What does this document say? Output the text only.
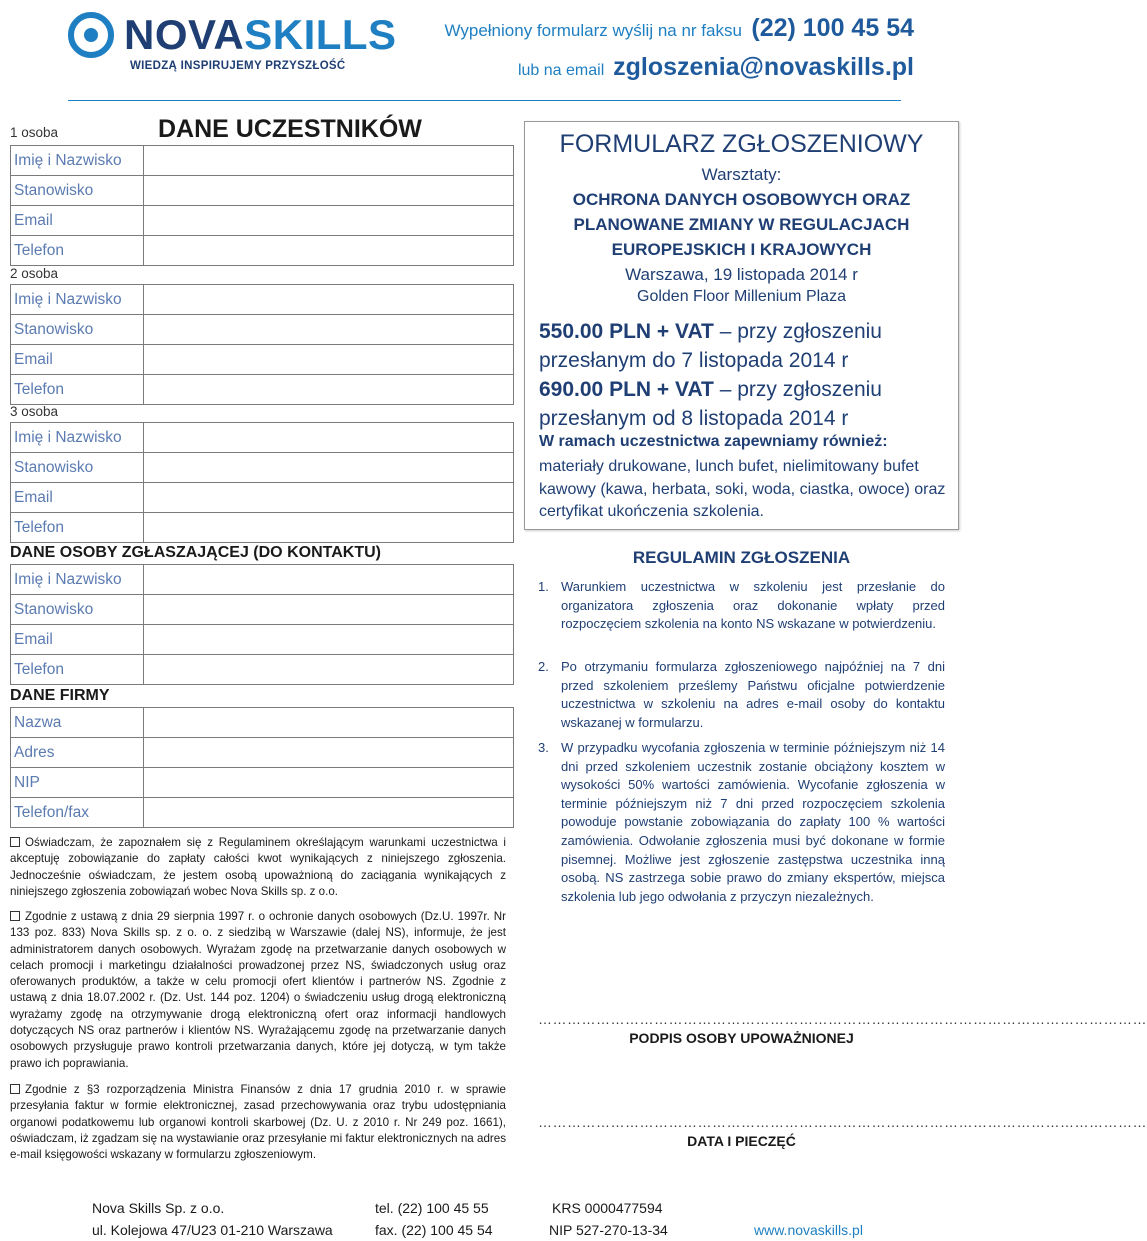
NOVASKILLS
WIEDZĄ INSPIRUJEMY PRZYSZŁOŚĆ
Wypełniony formularz wyślij na nr faksu (22) 100 45 54
lub na email zgloszenia@novaskills.pl
DANE UCZESTNIKÓW
1 osoba
Imię i Nazwisko	
Stanowisko	
Email	
Telefon	
2 osoba
Imię i Nazwisko	
Stanowisko	
Email	
Telefon	
3 osoba
Imię i Nazwisko	
Stanowisko	
Email	
Telefon	
DANE OSOBY ZGŁASZAJĄCEJ (DO KONTAKTU)
Imię i Nazwisko	
Stanowisko	
Email	
Telefon	
DANE FIRMY
Nazwa	
Adres	
NIP	
Telefon/fax	
Oświadczam, że zapoznałem się z Regulaminem określającym warunkami uczestnictwa i akceptuję zobowiązanie do zapłaty całości kwot wynikających z niniejszego zgłoszenia. Jednocześnie oświadczam, że jestem osobą upoważnioną do zaciągania wynikających z niniejszego zgłoszenia zobowiązań wobec Nova Skills sp. z o.o.
Zgodnie z ustawą z dnia 29 sierpnia 1997 r. o ochronie danych osobowych (Dz.U. 1997r. Nr 133 poz. 833) Nova Skills sp. z o. o. z siedzibą w Warszawie (dalej NS), informuje, że jest administratorem danych osobowych. Wyrażam zgodę na przetwarzanie danych osobowych w celach promocji i marketingu działalności prowadzonej przez NS, świadczonych usług oraz oferowanych produktów, a także w celu promocji ofert klientów i partnerów NS. Zgodnie z ustawą z dnia 18.07.2002 r. (Dz. Ust. 144 poz. 1204) o świadczeniu usług drogą elektroniczną wyrażamy zgodę na otrzymywanie drogą elektroniczną ofert oraz informacji handlowych dotyczących NS oraz partnerów i klientów NS. Wyrażającemu zgodę na przetwarzanie danych osobowych przysługuje prawo kontroli przetwarzania danych, które jej dotyczą, w tym także prawo ich poprawiania.
Zgodnie z §3 rozporządzenia Ministra Finansów z dnia 17 grudnia 2010 r. w sprawie przesyłania faktur w formie elektronicznej, zasad przechowywania oraz trybu udostępniania organowi podatkowemu lub organowi kontroli skarbowej (Dz. U. z 2010 r. Nr 249 poz. 1661), oświadczam, iż zgadzam się na wystawianie oraz przesyłanie mi faktur elektronicznych na adres e-mail księgowości wskazany w formularzu zgłoszeniowym.
FORMULARZ ZGŁOSZENIOWY
Warsztaty:
OCHRONA DANYCH OSOBOWYCH ORAZ
PLANOWANE ZMIANY W REGULACJACH
EUROPEJSKICH I KRAJOWYCH
Warszawa, 19 listopada 2014 r
Golden Floor Millenium Plaza
550.00 PLN + VAT – przy zgłoszeniu przesłanym do 7 listopada 2014 r
690.00 PLN + VAT – przy zgłoszeniu przesłanym od 8 listopada 2014 r
W ramach uczestnictwa zapewniamy również:
materiały drukowane, lunch bufet, nielimitowany bufet kawowy (kawa, herbata, soki, woda, ciastka, owoce) oraz certyfikat ukończenia szkolenia.
REGULAMIN ZGŁOSZENIA
1. Warunkiem uczestnictwa w szkoleniu jest przesłanie do organizatora zgłoszenia oraz dokonanie wpłaty przed rozpoczęciem szkolenia na konto NS wskazane w potwierdzeniu.
2. Po otrzymaniu formularza zgłoszeniowego najpóźniej na 7 dni przed szkoleniem prześlemy Państwu oficjalne potwierdzenie uczestnictwa w szkoleniu na adres e-mail osoby do kontaktu wskazanej w formularzu.
3. W przypadku wycofania zgłoszenia w terminie późniejszym niż 14 dni przed szkoleniem uczestnik zostanie obciążony kosztem w wysokości 50% wartości zamówienia. Wycofanie zgłoszenia w terminie późniejszym niż 7 dni przed rozpoczęciem szkolenia powoduje powstanie zobowiązania do zapłaty 100 % wartości zamówienia. Odwołanie zgłoszenia musi być dokonane w formie pisemnej. Możliwe jest zgłoszenie zastępstwa uczestnika inną osobą. NS zastrzega sobie prawo do zmiany ekspertów, miejsca szkolenia lub jego odwołania z przyczyn niezależnych.
………………………………………………………………………………………………………………
PODPIS OSOBY UPOWAŻNIONEJ
………………………………………………………………………………………………………………
DATA I PIECZĘĆ
Nova Skills Sp. z o.o.
ul. Kolejowa 47/U23 01-210 Warszawa
tel. (22) 100 45 55
fax. (22) 100 45 54
KRS 0000477594
NIP 527-270-13-34	www.novaskills.pl
